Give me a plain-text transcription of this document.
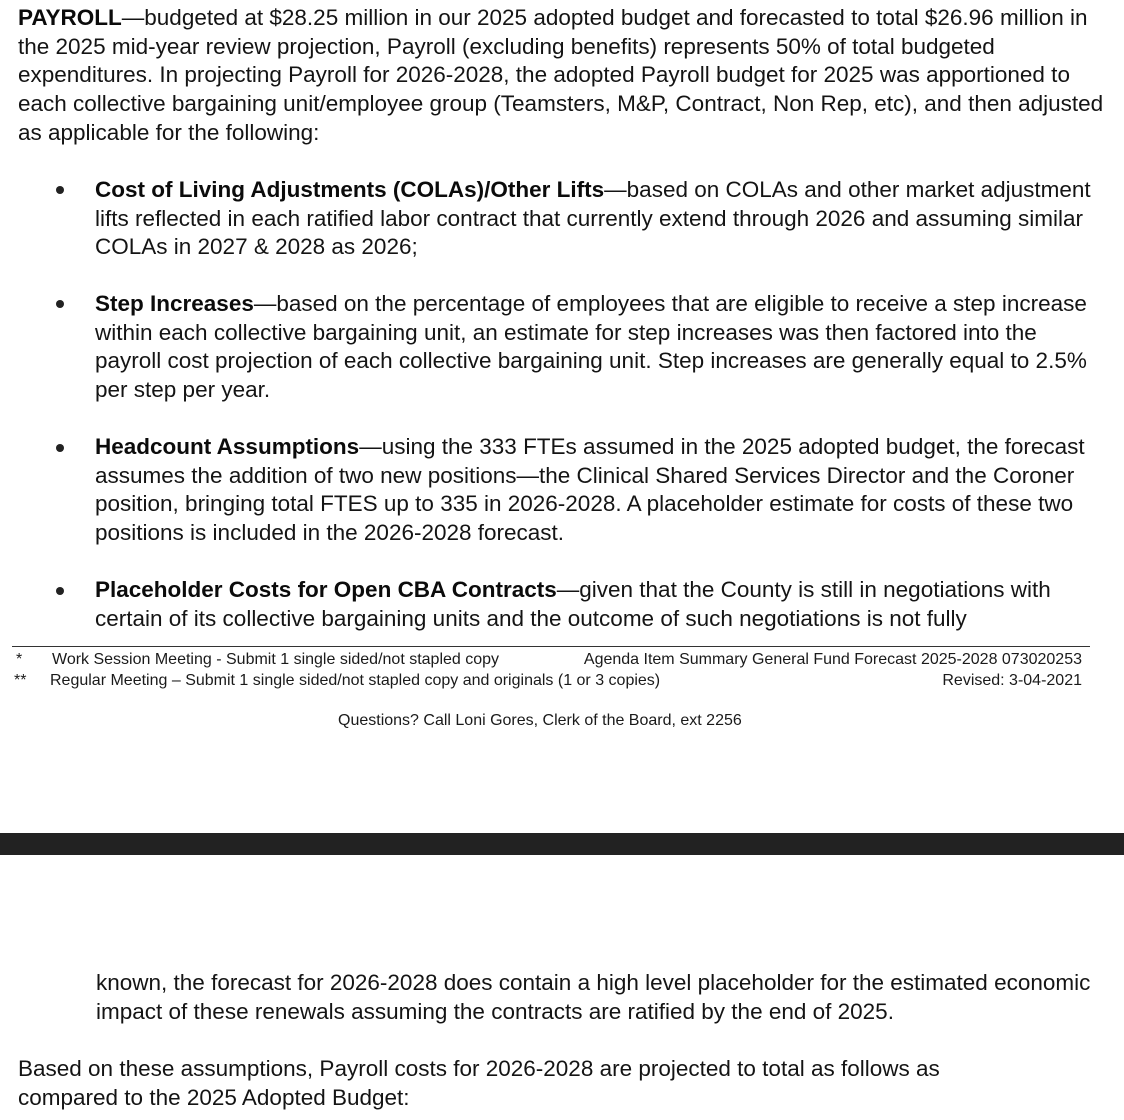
PAYROLL—budgeted at $28.25 million in our 2025 adopted budget and forecasted to total $26.96 million in the 2025 mid-year review projection, Payroll (excluding benefits) represents 50% of total budgeted expenditures. In projecting Payroll for 2026-2028, the adopted Payroll budget for 2025 was apportioned to each collective bargaining unit/employee group (Teamsters, M&P, Contract, Non Rep, etc), and then adjusted as applicable for the following:

Cost of Living Adjustments (COLAs)/Other Lifts—based on COLAs and other market adjustment lifts reflected in each ratified labor contract that currently extend through 2026 and assuming similar COLAs in 2027 & 2028 as 2026;

Step Increases—based on the percentage of employees that are eligible to receive a step increase within each collective bargaining unit, an estimate for step increases was then factored into the payroll cost projection of each collective bargaining unit. Step increases are generally equal to 2.5% per step per year.

Headcount Assumptions—using the 333 FTEs assumed in the 2025 adopted budget, the forecast assumes the addition of two new positions—the Clinical Shared Services Director and the Coroner position, bringing total FTES up to 335 in 2026-2028. A placeholder estimate for costs of these two positions is included in the 2026-2028 forecast.

Placeholder Costs for Open CBA Contracts—given that the County is still in negotiations with certain of its collective bargaining units and the outcome of such negotiations is not fully

* Work Session Meeting - Submit 1 single sided/not stapled copy	Agenda Item Summary General Fund Forecast 2025-2028 073020253
** Regular Meeting – Submit 1 single sided/not stapled copy and originals (1 or 3 copies)	Revised: 3-04-2021
Questions? Call Loni Gores, Clerk of the Board, ext 2256

known, the forecast for 2026-2028 does contain a high level placeholder for the estimated economic impact of these renewals assuming the contracts are ratified by the end of 2025.

Based on these assumptions, Payroll costs for 2026-2028 are projected to total as follows as compared to the 2025 Adopted Budget:
